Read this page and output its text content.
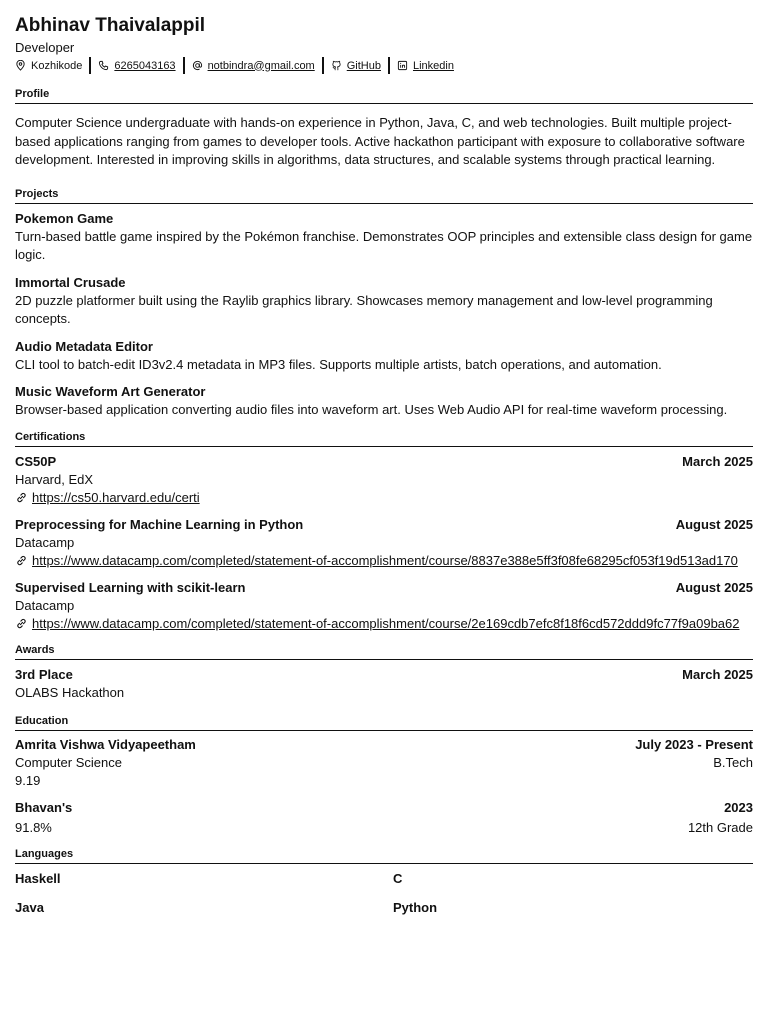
Abhinav Thaivalappil
Developer
Kozhikode	6265043163	notbindra@gmail.com	GitHub	Linkedin
Profile
Computer Science undergraduate with hands-on experience in Python, Java, C, and web technologies. Built multiple project-based applications ranging from games to developer tools. Active hackathon participant with exposure to collaborative software development. Interested in improving skills in algorithms, data structures, and scalable systems through practical learning.
Projects
Pokemon Game
Turn-based battle game inspired by the Pokémon franchise. Demonstrates OOP principles and extensible class design for game logic.
Immortal Crusade
2D puzzle platformer built using the Raylib graphics library. Showcases memory management and low-level programming concepts.
Audio Metadata Editor
CLI tool to batch-edit ID3v2.4 metadata in MP3 files. Supports multiple artists, batch operations, and automation.
Music Waveform Art Generator
Browser-based application converting audio files into waveform art. Uses Web Audio API for real-time waveform processing.
Certifications
CS50P	March 2025
Harvard, EdX
https://cs50.harvard.edu/certi
Preprocessing for Machine Learning in Python	August 2025
Datacamp
https://www.datacamp.com/completed/statement-of-accomplishment/course/8837e388e5ff3f08fe68295cf053f19d513ad170
Supervised Learning with scikit-learn	August 2025
Datacamp
https://www.datacamp.com/completed/statement-of-accomplishment/course/2e169cdb7efc8f18f6cd572ddd9fc77f9a09ba62
Awards
3rd Place	March 2025
OLABS Hackathon
Education
Amrita Vishwa Vidyapeetham	July 2023 - Present
Computer Science	B.Tech
9.19
Bhavan's	2023
91.8%	12th Grade
Languages
Haskell	C
Java	Python
